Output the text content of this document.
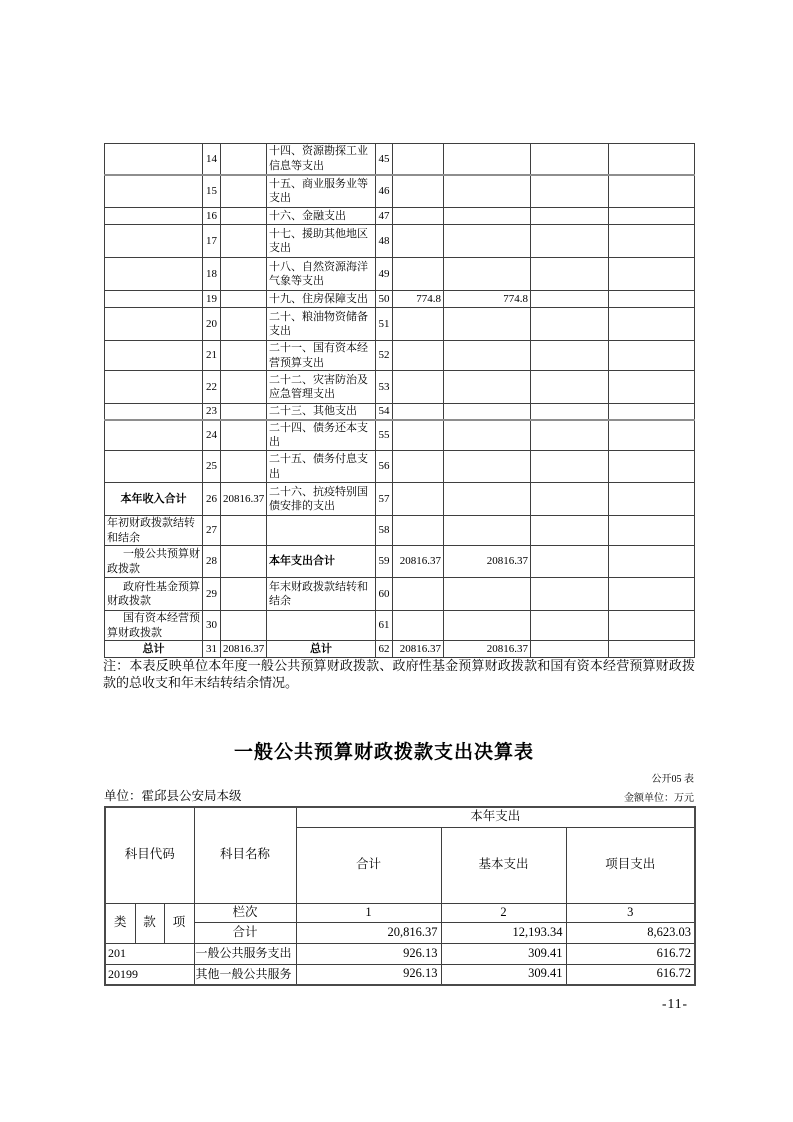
	14		十四、资源勘探工业信息等支出	45				
	15		十五、商业服务业等支出	46				
	16		十六、金融支出	47				
	17		十七、援助其他地区支出	48				
	18		十八、自然资源海洋气象等支出	49				
	19		十九、住房保障支出	50	774.8	774.8		
	20		二十、粮油物资储备支出	51				
	21		二十一、国有资本经营预算支出	52				
	22		二十二、灾害防治及应急管理支出	53				
	23		二十三、其他支出	54				
	24		二十四、债务还本支出	55				
	25		二十五、债务付息支出	56				
本年收入合计	26	20816.37	二十六、抗疫特别国债安排的支出	57				
年初财政拨款结转和结余	27			58				
一般公共预算财政拨款	28		本年支出合计	59	20816.37	20816.37		
政府性基金预算财政拨款	29		年末财政拨款结转和结余	60				
国有资本经营预算财政拨款	30			61				
总计	31	20816.37	总计	62	20816.37	20816.37		
注：本表反映单位本年度一般公共预算财政拨款、政府性基金预算财政拨款和国有资本经营预算财政拨款的总收支和年末结转结余情况。
一般公共预算财政拨款支出决算表
公开05 表
单位：霍邱县公安局本级	金额单位：万元
科目代码			科目名称	本年支出		
				合计	基本支出	项目支出
类	款	项	栏次	1	2	3
			合计	20,816.37	12,193.34	8,623.03
201			一般公共服务支出	926.13	309.41	616.72
20199			其他一般公共服务	926.13	309.41	616.72
-11-
